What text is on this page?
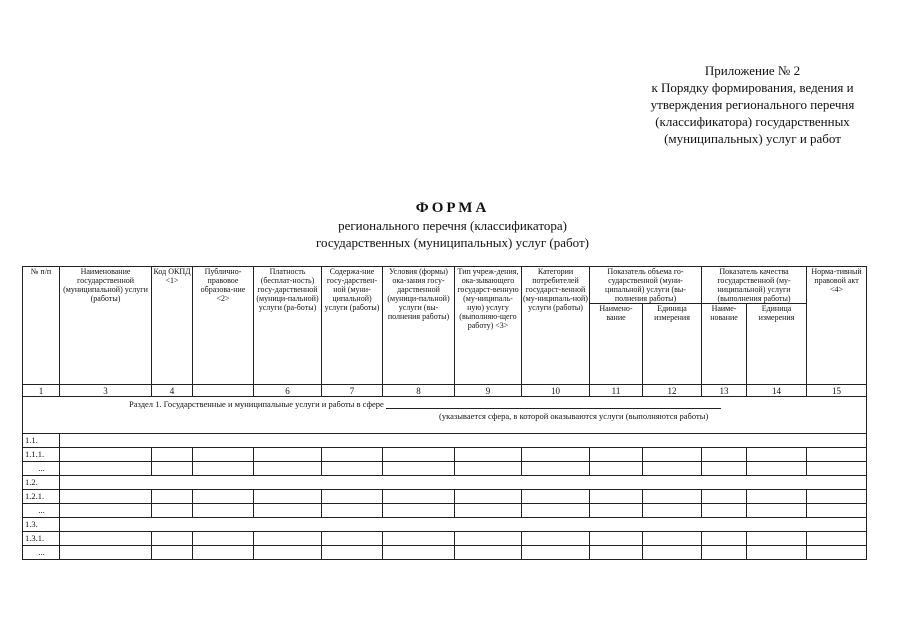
Приложение № 2
к Порядку формирования, ведения и
утверждения регионального перечня
(классификатора) государственных
(муниципальных) услуг и работ
ФОРМА
регионального перечня (классификатора)
государственных (муниципальных) услуг (работ)
№ п/п	Наименование государственной (муниципальной) услуги (работы)	Код ОКПД <1>	Публично-правовое образова-ние <2>	Платность (бесплат-ность) госу-дарственной (муници-пальной) услуги (ра-боты)	Содержа-ние госу-дарствен-ной (муни-ципальной) услуги (работы)	Условия (формы) ока-зания госу-дарственной (муници-пальной) услуги (вы-полнения работы)	Тип учреж-дения, ока-зывающего государст-венную (му-ниципаль-ную) услугу (выполняю-щего работу) <3>	Категории потребителей государст-венной (му-ниципаль-ной) услуги (работы)	Показатель объема го-сударственной (муни-ципальной) услуги (вы-полнения работы)		Показатель качества государственной (му-ниципальной) услуги (выполнения работы)		Норма-тивный правовой акт <4>
									Наимено-вание	Единица измерения	Наиме-нование	Единица измерения	
1	3	4		6	7	8	9	10	11	12	13	14	15

Раздел 1. Государственные и муниципальные услуги и работы в сфере
(указывается сфера, в которой оказываются услуги (выполняются работы)													

1.1.													
1.1.1.													
...													
1.2.													
1.2.1.													
...													
1.3.													
1.3.1.													
...													
